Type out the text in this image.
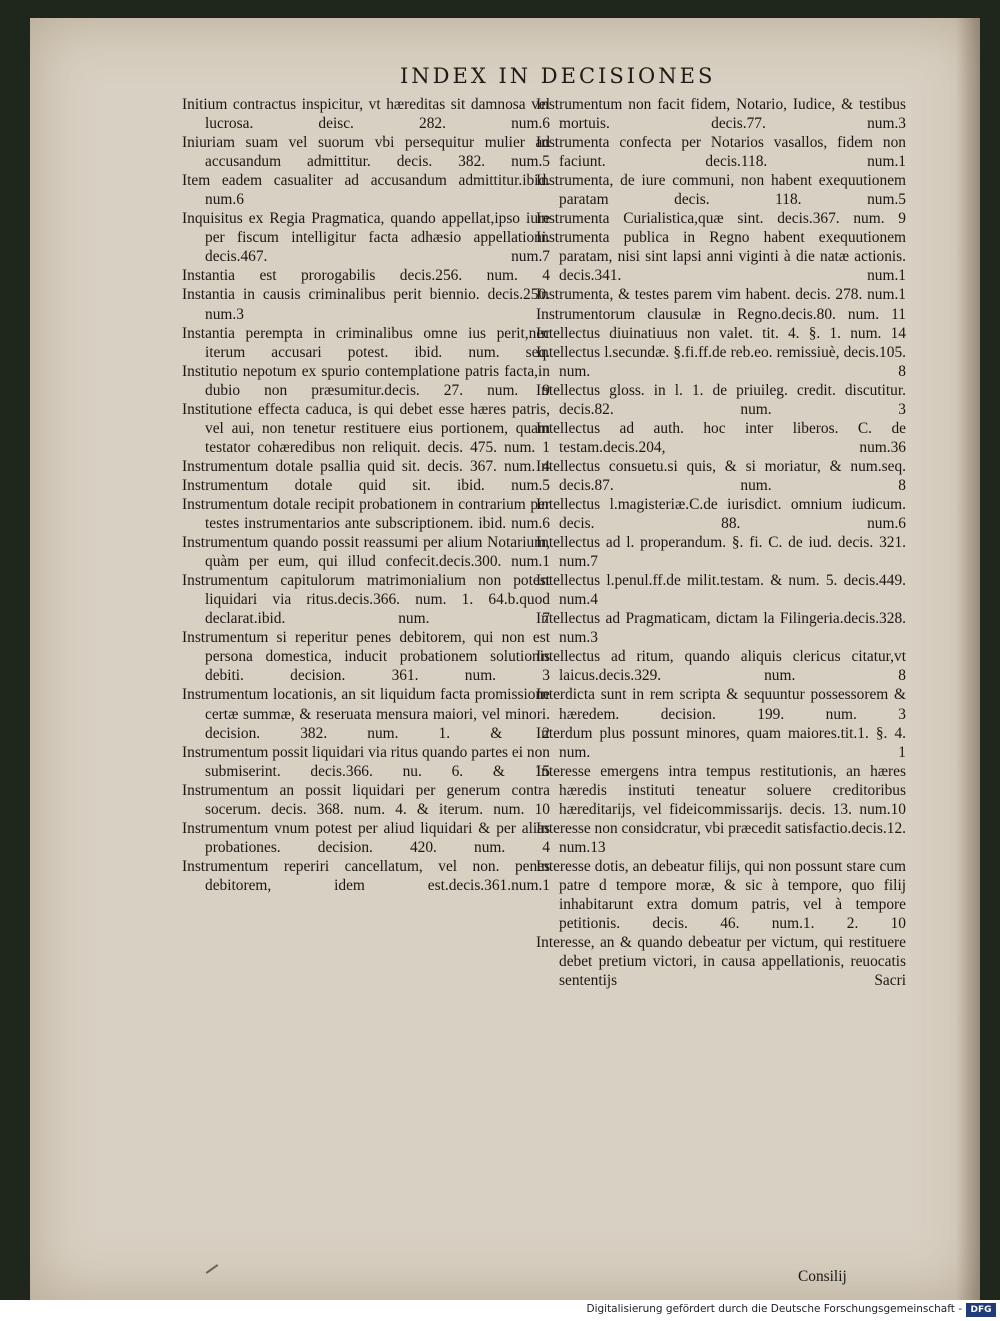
INDEX IN DECISIONES
Initium contractus inspicitur, vt hæreditas sit damnosa vel lucrosa. deisc. 282. num.6
Iniuriam suam vel suorum vbi persequitur mulier ad accusandum admittitur. decis. 382. num.5
Item eadem casualiter ad accusandum admittitur.ibid. num.6
Inquisitus ex Regia Pragmatica, quando appellat,ipso iure per fiscum intelligitur facta adhæsio appellationi. decis.467. num.7
Instantia est prorogabilis decis.256. num. 4
Instantia in causis criminalibus perit biennio. decis.250. num.3
Instantia perempta in criminalibus omne ius perit,nec iterum accusari potest. ibid. num. seq.
Institutio nepotum ex spurio contemplatione patris facta,in dubio non præsumitur.decis. 27. num. 9
Institutione effecta caduca, is qui debet esse hæres patris, vel aui, non tenetur restituere eius portionem, quam testator cohæredibus non reliquit. decis. 475. num. 1
Instrumentum dotale psallia quid sit. decis. 367. num. 4
Instrumentum dotale quid sit. ibid. num.5
Instrumentum dotale recipit probationem in contrarium per testes instrumentarios ante subscriptionem. ibid. num.6
Instrumentum quando possit reassumi per alium Notarium, quàm per eum, qui illud confecit.decis.300. num.1
Instrumentum capitulorum matrimonialium non potest liquidari via ritus.decis.366. num. 1. 64.b.quod declarat.ibid. num. 7
Instrumentum si reperitur penes debitorem, qui non est persona domestica, inducit probationem solutionis debiti. decision. 361. num. 3
Instrumentum locationis, an sit liquidum facta promissione certæ summæ, & reseruata mensura maiori, vel minori. decision. 382. num. 1. & 2
Instrumentum possit liquidari via ritus quando partes ei non submiserint. decis.366. nu. 6. & 15
Instrumentum an possit liquidari per generum contra socerum. decis. 368. num. 4. & iterum. num. 10
Instrumentum vnum potest per aliud liquidari & per alias probationes. decision. 420. num. 4
Instrumentum reperiri cancellatum, vel non. penes debitorem, idem est.decis.361.num.1
Instrumentum non facit fidem, Notario, Iudice, & testibus mortuis. decis.77. num.3
Instrumenta confecta per Notarios vasallos, fidem non faciunt. decis.118. num.1
Instrumenta, de iure communi, non habent exequutionem paratam decis. 118. num.5
Instrumenta Curialistica,quæ sint. decis.367. num. 9
Instrumenta publica in Regno habent exequutionem paratam, nisi sint lapsi anni viginti à die natæ actionis. decis.341. num.1
Instrumenta, & testes parem vim habent. decis. 278. num.1
Instrumentorum clausulæ in Regno.decis.80. num. 11
Intellectus diuinatiuus non valet. tit. 4. §. 1. num. 14
Intellectus l.secundæ. §.fi.ff.de reb.eo. remissiuè, decis.105. num. 8
Intellectus gloss. in l. 1. de priuileg. credit. discutitur. decis.82. num. 3
Intellectus ad auth. hoc inter liberos. C. de testam.decis.204, num.36
Intellectus consuetu.si quis, & si moriatur, & num.seq. decis.87. num. 8
Intellectus l.magisteriæ.C.de iurisdict. omnium iudicum. decis. 88. num.6
Intellectus ad l. properandum. §. fi. C. de iud. decis. 321. num.7
Intellectus l.penul.ff.de milit.testam. & num. 5. decis.449. num.4
Intellectus ad Pragmaticam, dictam la Filingeria.decis.328. num.3
Intellectus ad ritum, quando aliquis clericus citatur,vt laicus.decis.329. num. 8
Interdicta sunt in rem scripta & sequuntur possessorem & hæredem. decision. 199. num. 3
Interdum plus possunt minores, quam maiores.tit.1. §. 4. num. 1
Interesse emergens intra tempus restitutionis, an hæres hæredis instituti teneatur soluere creditoribus hæreditarijs, vel fideicommissarijs. decis. 13. num.10
Interesse non considcratur, vbi præcedit satisfactio.decis.12. num.13
Interesse dotis, an debeatur filijs, qui non possunt stare cum patre d tempore moræ, & sic à tempore, quo filij inhabitarunt extra domum patris, vel à tempore petitionis. decis. 46. num.1. 2. 10
Interesse, an & quando debeatur per victum, qui restituere debet pretium victori, in causa appellationis, reuocatis sententijs Sacri
Consilij
Digitalisierung gefördert durch die Deutsche Forschungsgemeinschaft - DFG
